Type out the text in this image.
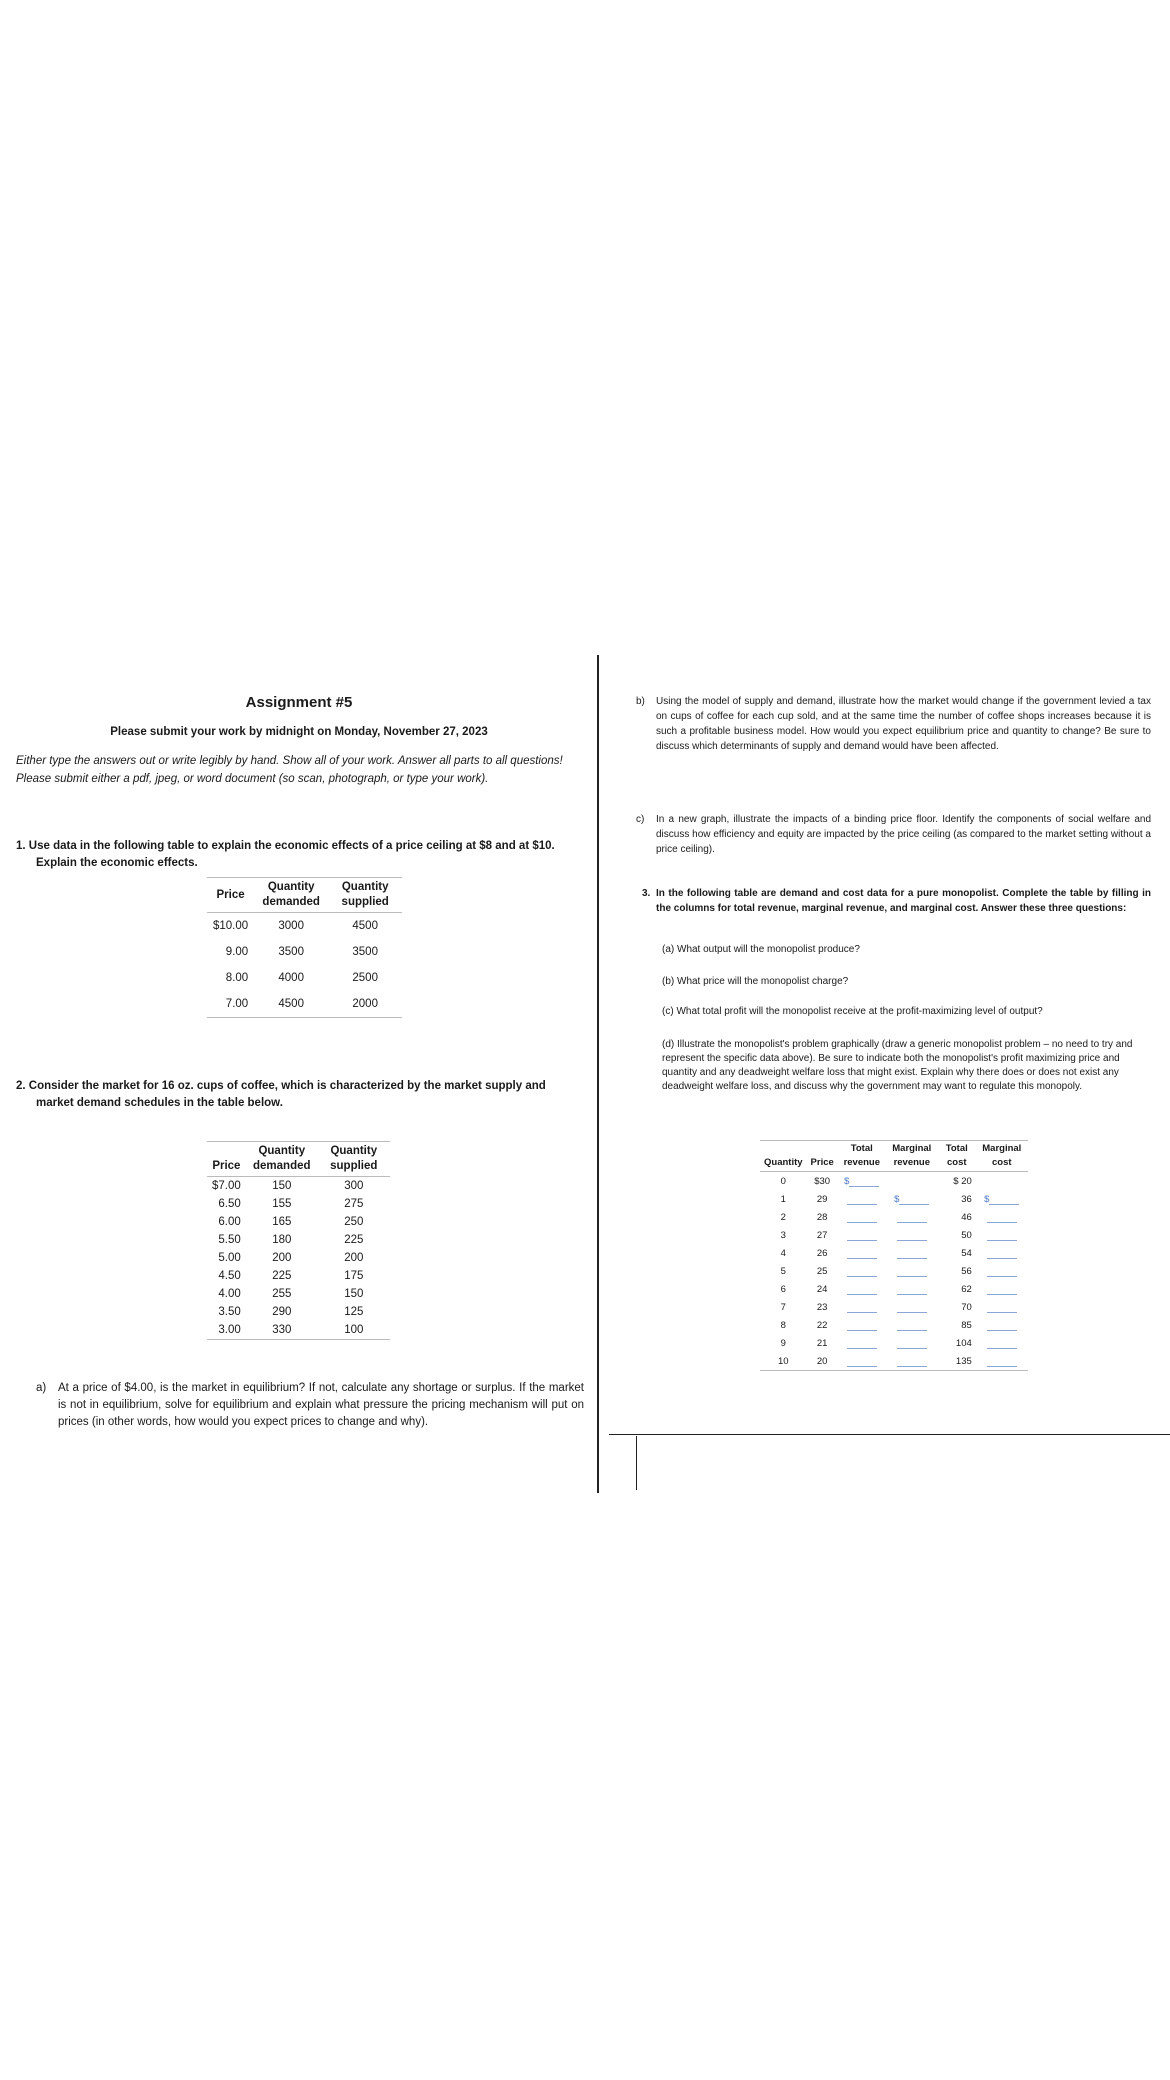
Assignment #5
Please submit your work by midnight on Monday, November 27, 2023
Either type the answers out or write legibly by hand. Show all of your work. Answer all parts to all questions! Please submit either a pdf, jpeg, or word document (so scan, photograph, or type your work).
1. Use data in the following table to explain the economic effects of a price ceiling at $8 and at $10.
Explain the economic effects.
Price	Quantity demanded	Quantity supplied
$10.00	3000	4500
9.00	3500	3500
8.00	4000	2500
7.00	4500	2000
2. Consider the market for 16 oz. cups of coffee, which is characterized by the market supply and
market demand schedules in the table below.
Price	Quantity demanded	Quantity supplied
$7.00	150	300
6.50	155	275
6.00	165	250
5.50	180	225
5.00	200	200
4.50	225	175
4.00	255	150
3.50	290	125
3.00	330	100
a) At a price of $4.00, is the market in equilibrium? If not, calculate any shortage or surplus. If the market is not in equilibrium, solve for equilibrium and explain what pressure the pricing mechanism will put on prices (in other words, how would you expect prices to change and why).
b) Using the model of supply and demand, illustrate how the market would change if the government levied a tax on cups of coffee for each cup sold, and at the same time the number of coffee shops increases because it is such a profitable business model. How would you expect equilibrium price and quantity to change? Be sure to discuss which determinants of supply and demand would have been affected.
c) In a new graph, illustrate the impacts of a binding price floor. Identify the components of social welfare and discuss how efficiency and equity are impacted by the price ceiling (as compared to the market setting without a price ceiling).
3. In the following table are demand and cost data for a pure monopolist. Complete the table by filling in the columns for total revenue, marginal revenue, and marginal cost. Answer these three questions:
(a) What output will the monopolist produce?
(b) What price will the monopolist charge?
(c) What total profit will the monopolist receive at the profit-maximizing level of output?
(d) Illustrate the monopolist's problem graphically (draw a generic monopolist problem – no need to try and represent the specific data above). Be sure to indicate both the monopolist's profit maximizing price and quantity and any deadweight welfare loss that might exist. Explain why there does or does not exist any deadweight welfare loss, and discuss why the government may want to regulate this monopoly.
Quantity	Price	Total revenue	Marginal revenue	Total cost	Marginal cost
0	$30	$		$ 20	
1	29		$	36	$
2	28			46	
3	27			50	
4	26			54	
5	25			56	
6	24			62	
7	23			70	
8	22			85	
9	21			104	
10	20			135	
